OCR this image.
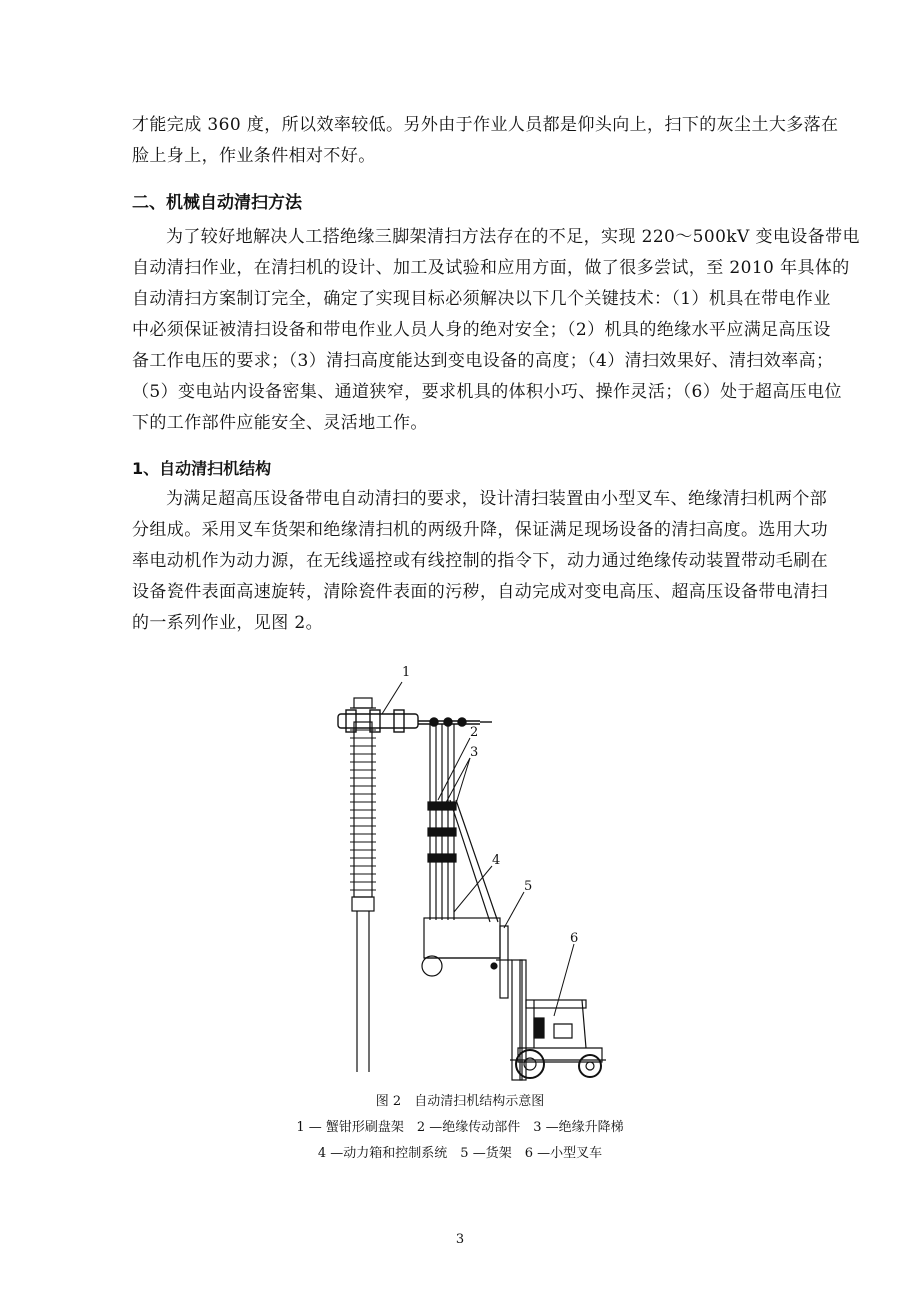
才能完成 360 度，所以效率较低。另外由于作业人员都是仰头向上，扫下的灰尘土大多落在
脸上身上，作业条件相对不好。

二、机械自动清扫方法

为了较好地解决人工搭绝缘三脚架清扫方法存在的不足，实现 220～500kV 变电设备带电
自动清扫作业，在清扫机的设计、加工及试验和应用方面，做了很多尝试，至 2010 年具体的
自动清扫方案制订完全，确定了实现目标必须解决以下几个关键技术：（1）机具在带电作业
中必须保证被清扫设备和带电作业人员人身的绝对安全；（2）机具的绝缘水平应满足高压设
备工作电压的要求；（3）清扫高度能达到变电设备的高度；（4）清扫效果好、清扫效率高；
（5）变电站内设备密集、通道狭窄，要求机具的体积小巧、操作灵活；（6）处于超高压电位
下的工作部件应能安全、灵活地工作。

1、自动清扫机结构

为满足超高压设备带电自动清扫的要求，设计清扫装置由小型叉车、绝缘清扫机两个部
分组成。采用叉车货架和绝缘清扫机的两级升降，保证满足现场设备的清扫高度。选用大功
率电动机作为动力源，在无线遥控或有线控制的指令下，动力通过绝缘传动装置带动毛刷在
设备瓷件表面高速旋转，清除瓷件表面的污秽，自动完成对变电高压、超高压设备带电清扫
的一系列作业，见图 2。

1
2
3
4
5
6

图 2　自动清扫机结构示意图

1 — 蟹钳形刷盘架　2 —绝缘传动部件　3 —绝缘升降梯

4 —动力箱和控制系统　5 —货架　6 —小型叉车

3
